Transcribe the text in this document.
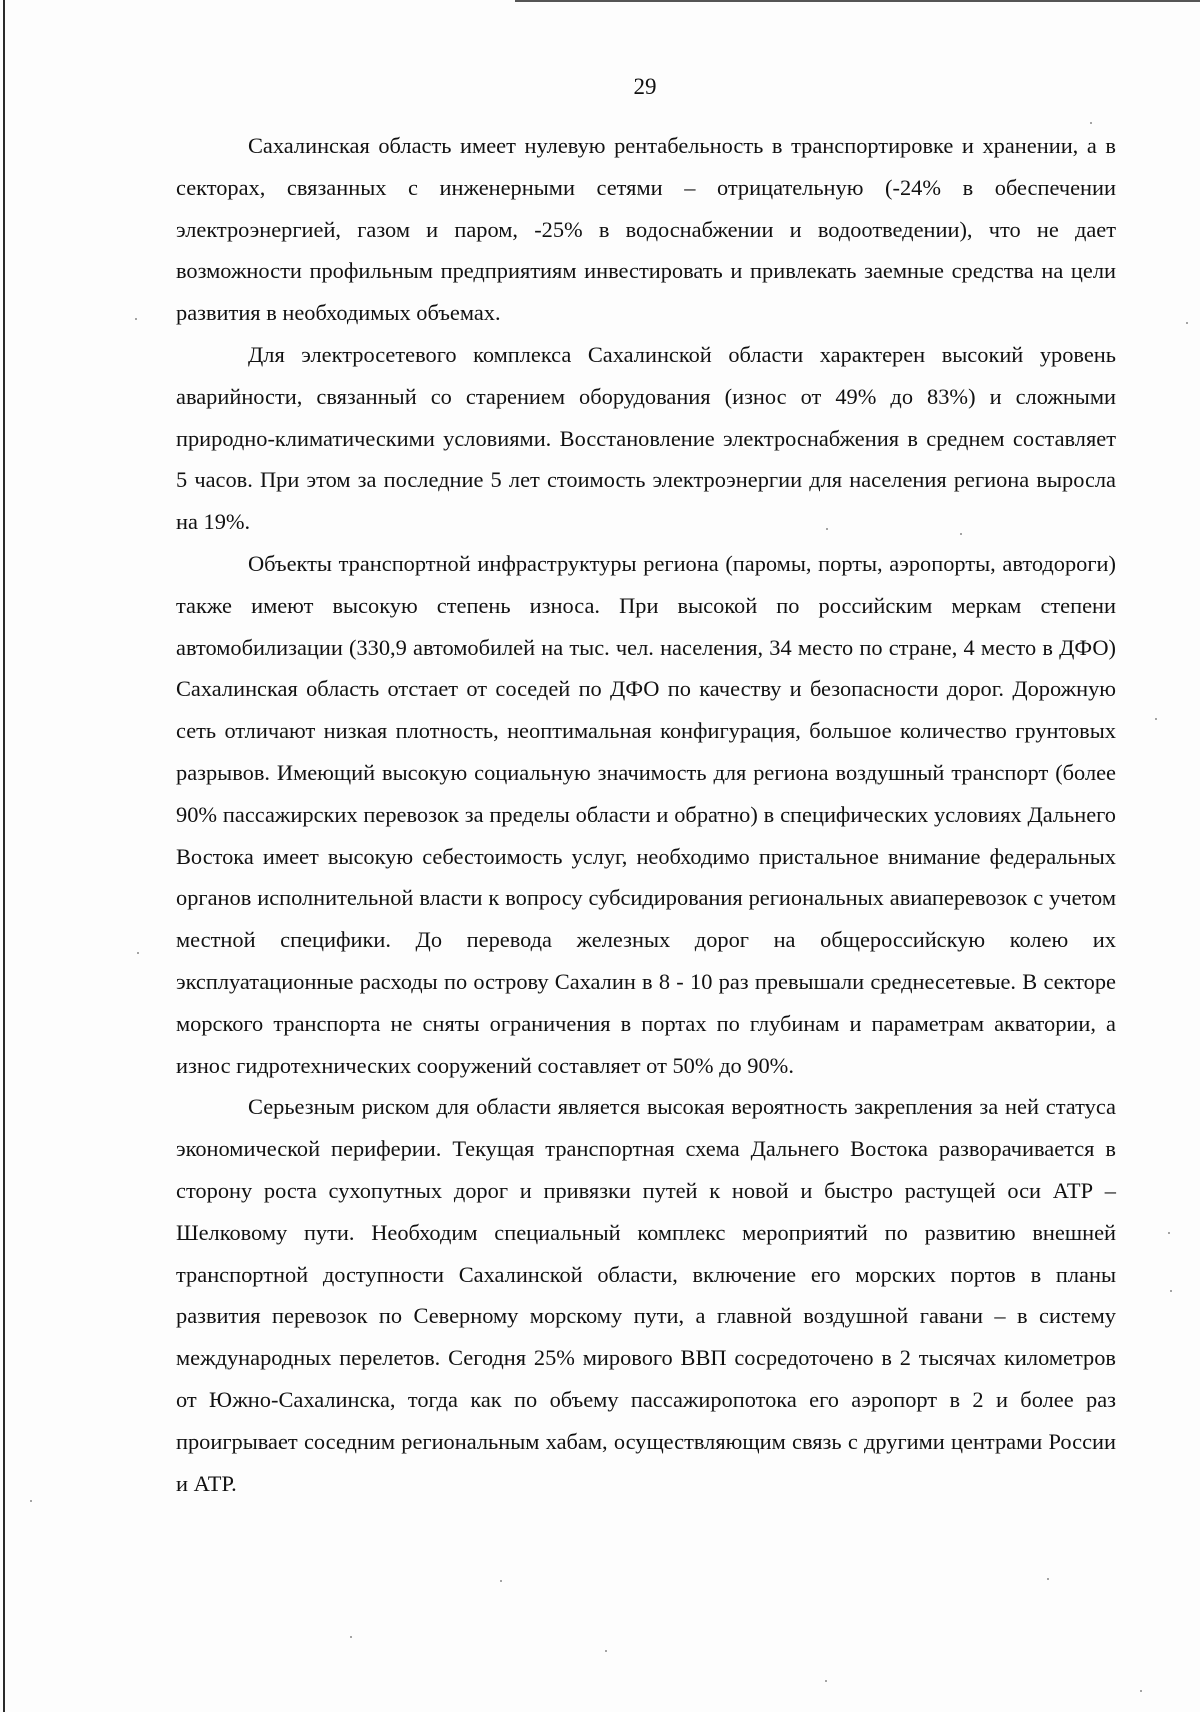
29

Сахалинская область имеет нулевую рентабельность в транспортировке и хранении, а в секторах, связанных с инженерными сетями – отрицательную (-24% в обеспечении электроэнергией, газом и паром, -25% в водоснабжении и водоотведении), что не дает возможности профильным предприятиям инвестировать и привлекать заемные средства на цели развития в необходимых объемах.

Для электросетевого комплекса Сахалинской области характерен высокий уровень аварийности, связанный со старением оборудования (износ от 49% до 83%) и сложными природно-климатическими условиями. Восстановление электроснабжения в среднем составляет 5 часов. При этом за последние 5 лет стоимость электроэнергии для населения региона выросла на 19%.

Объекты транспортной инфраструктуры региона (паромы, порты, аэропорты, автодороги) также имеют высокую степень износа. При высокой по российским меркам степени автомобилизации (330,9 автомобилей на тыс. чел. населения, 34 место по стране, 4 место в ДФО) Сахалинская область отстает от соседей по ДФО по качеству и безопасности дорог. Дорожную сеть отличают низкая плотность, неоптимальная конфигурация, большое количество грунтовых разрывов. Имеющий высокую социальную значимость для региона воздушный транспорт (более 90% пассажирских перевозок за пределы области и обратно) в специфических условиях Дальнего Востока имеет высокую себестоимость услуг, необходимо пристальное внимание федеральных органов исполнительной власти к вопросу субсидирования региональных авиаперевозок с учетом местной специфики. До перевода железных дорог на общероссийскую колею их эксплуатационные расходы по острову Сахалин в 8 - 10 раз превышали среднесетевые. В секторе морского транспорта не сняты ограничения в портах по глубинам и параметрам акватории, а износ гидротехнических сооружений составляет от 50% до 90%.

Серьезным риском для области является высокая вероятность закрепления за ней статуса экономической периферии. Текущая транспортная схема Дальнего Востока разворачивается в сторону роста сухопутных дорог и привязки путей к новой и быстро растущей оси АТР – Шелковому пути. Необходим специальный комплекс мероприятий по развитию внешней транспортной доступности Сахалинской области, включение его морских портов в планы развития перевозок по Северному морскому пути, а главной воздушной гавани – в систему международных перелетов. Сегодня 25% мирового ВВП сосредоточено в 2 тысячах километров от Южно-Сахалинска, тогда как по объему пассажиропотока его аэропорт в 2 и более раз проигрывает соседним региональным хабам, осуществляющим связь с другими центрами России и АТР.
